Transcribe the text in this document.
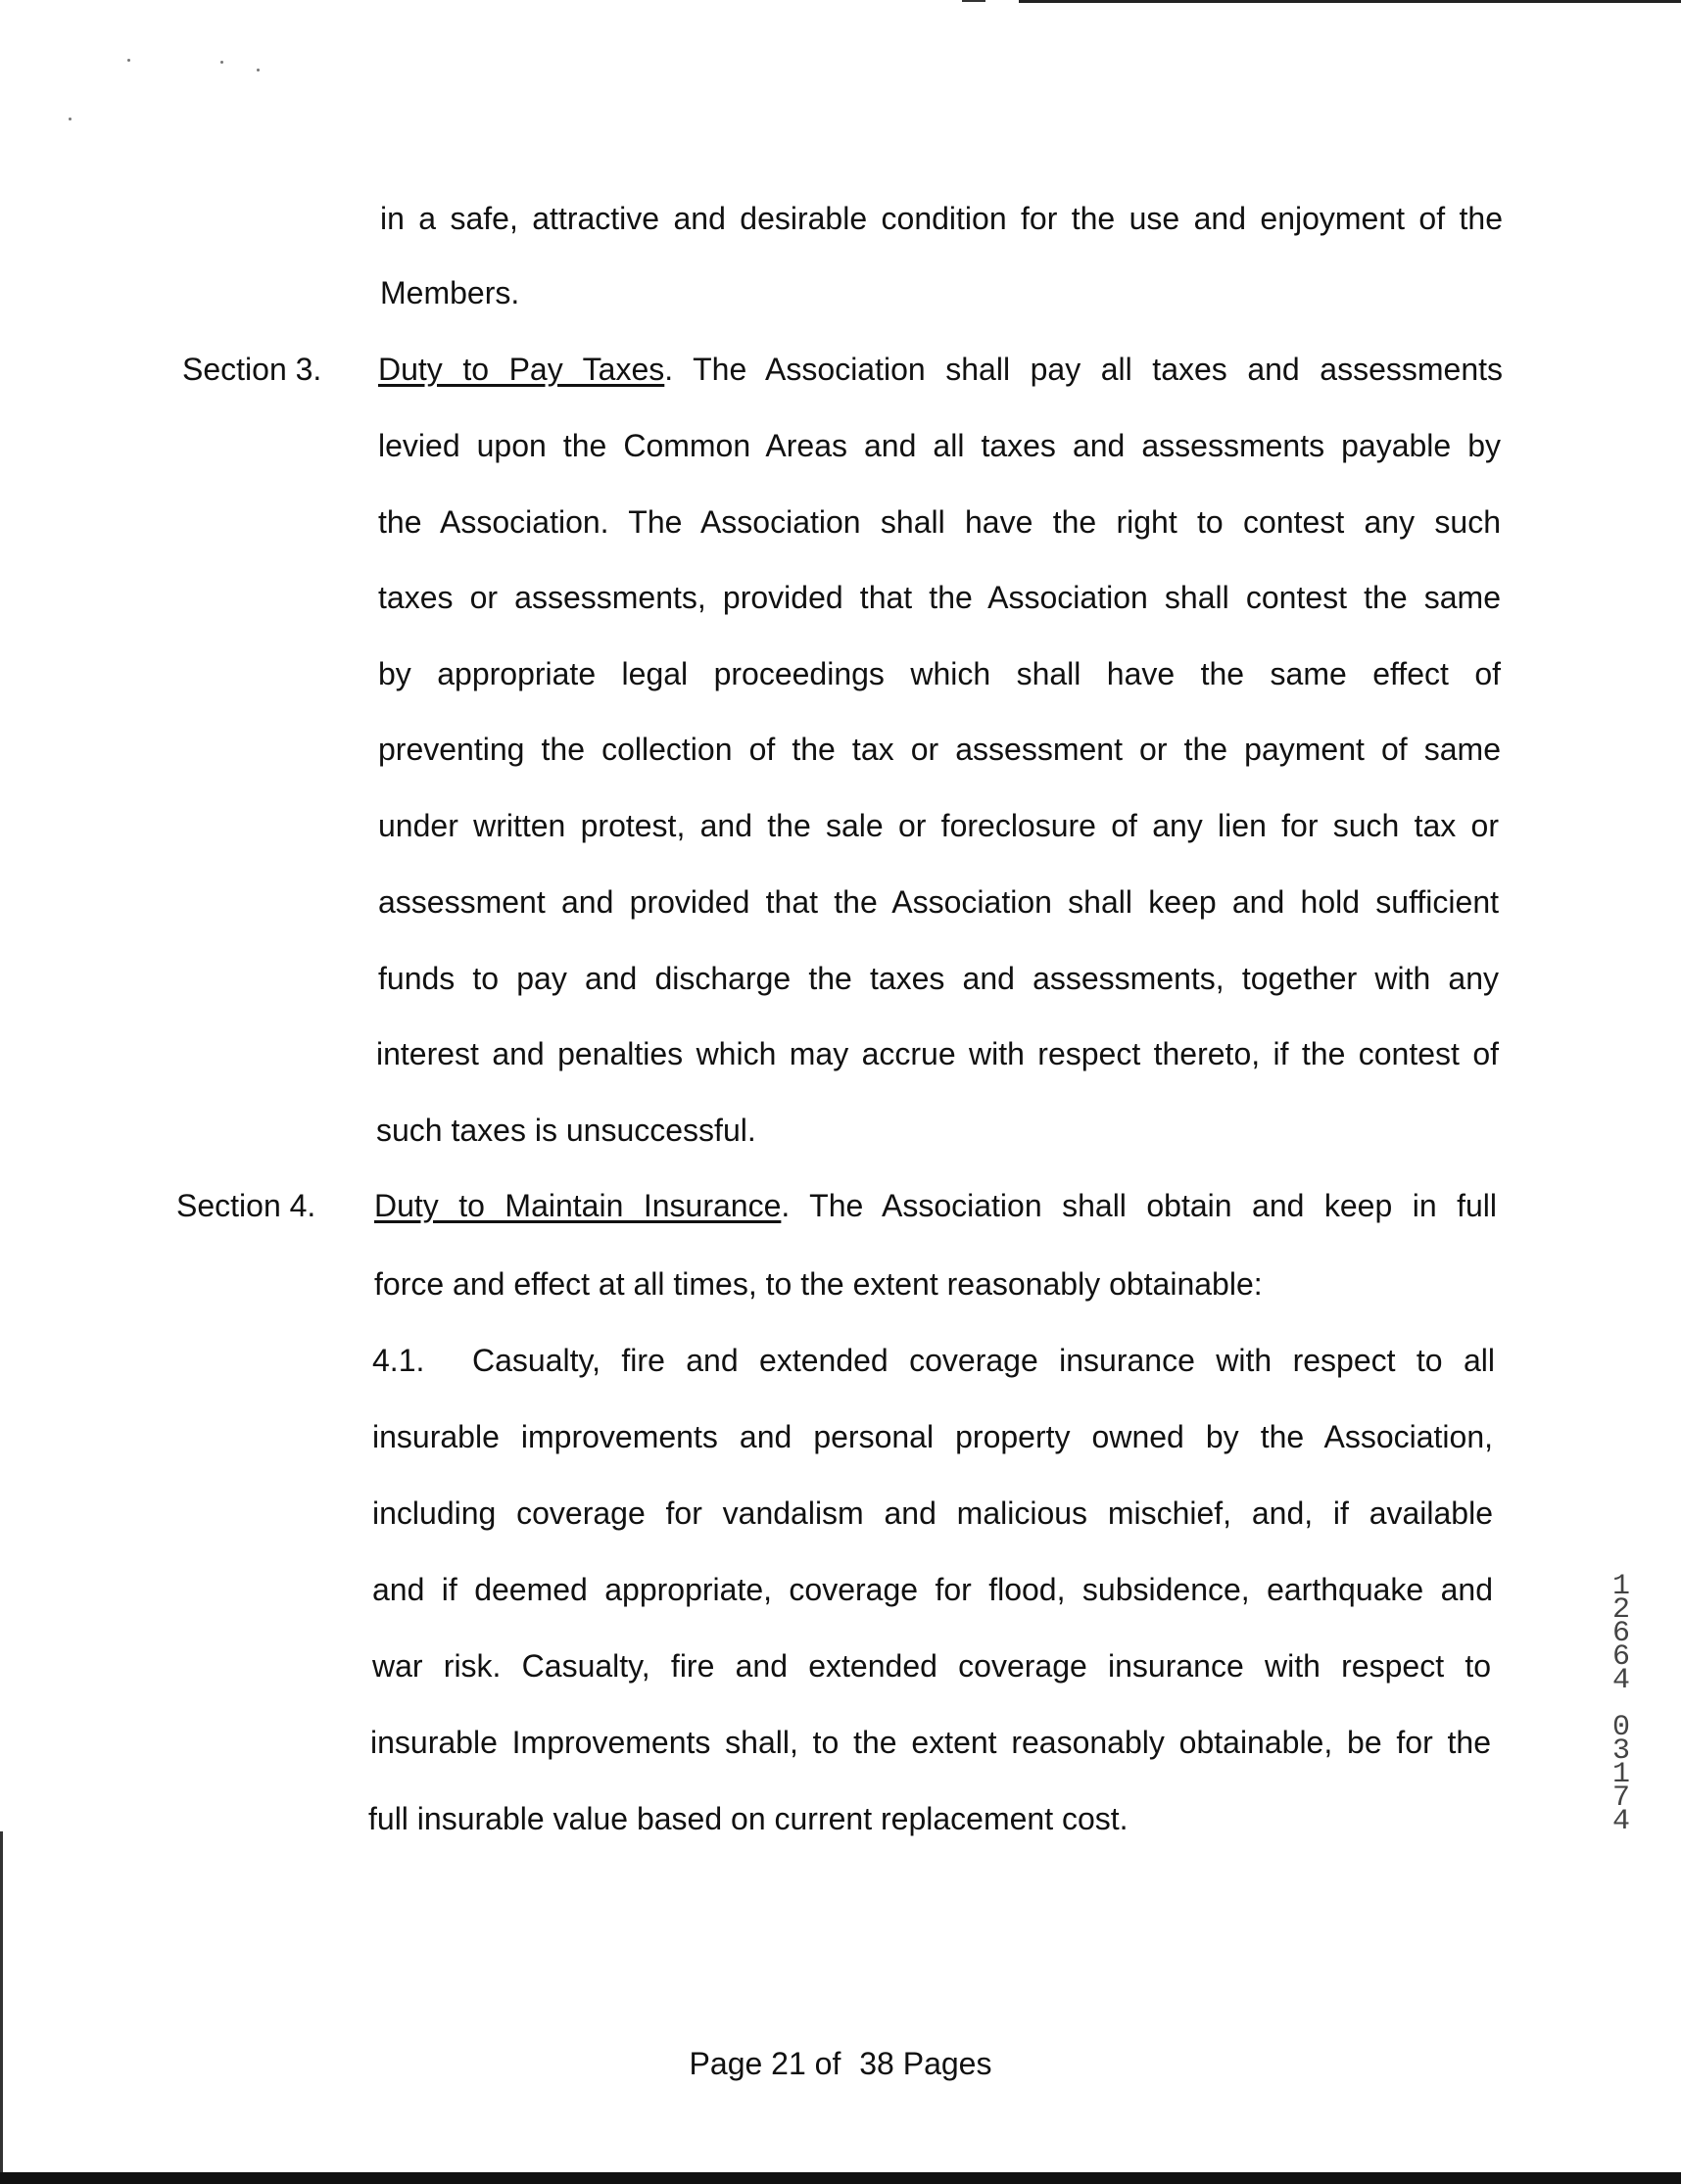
in a safe, attractive and desirable condition for the use and enjoyment of the
Members.
Section 3. Duty to Pay Taxes. The Association shall pay all taxes and assessments
levied upon the Common Areas and all taxes and assessments payable by
the Association. The Association shall have the right to contest any such
taxes or assessments, provided that the Association shall contest the same
by appropriate legal proceedings which shall have the same effect of
preventing the collection of the tax or assessment or the payment of same
under written protest, and the sale or foreclosure of any lien for such tax or
assessment and provided that the Association shall keep and hold sufficient
funds to pay and discharge the taxes and assessments, together with any
interest and penalties which may accrue with respect thereto, if the contest of
such taxes is unsuccessful.
Section 4. Duty to Maintain Insurance. The Association shall obtain and keep in full
force and effect at all times, to the extent reasonably obtainable:
4.1. Casualty, fire and extended coverage insurance with respect to all
insurable improvements and personal property owned by the Association,
including coverage for vandalism and malicious mischief, and, if available
and if deemed appropriate, coverage for flood, subsidence, earthquake and
war risk. Casualty, fire and extended coverage insurance with respect to
insurable Improvements shall, to the extent reasonably obtainable, be for the
full insurable value based on current replacement cost.
1
2
6
6
4
0
3
1
7
4
Page 21 of 38 Pages
